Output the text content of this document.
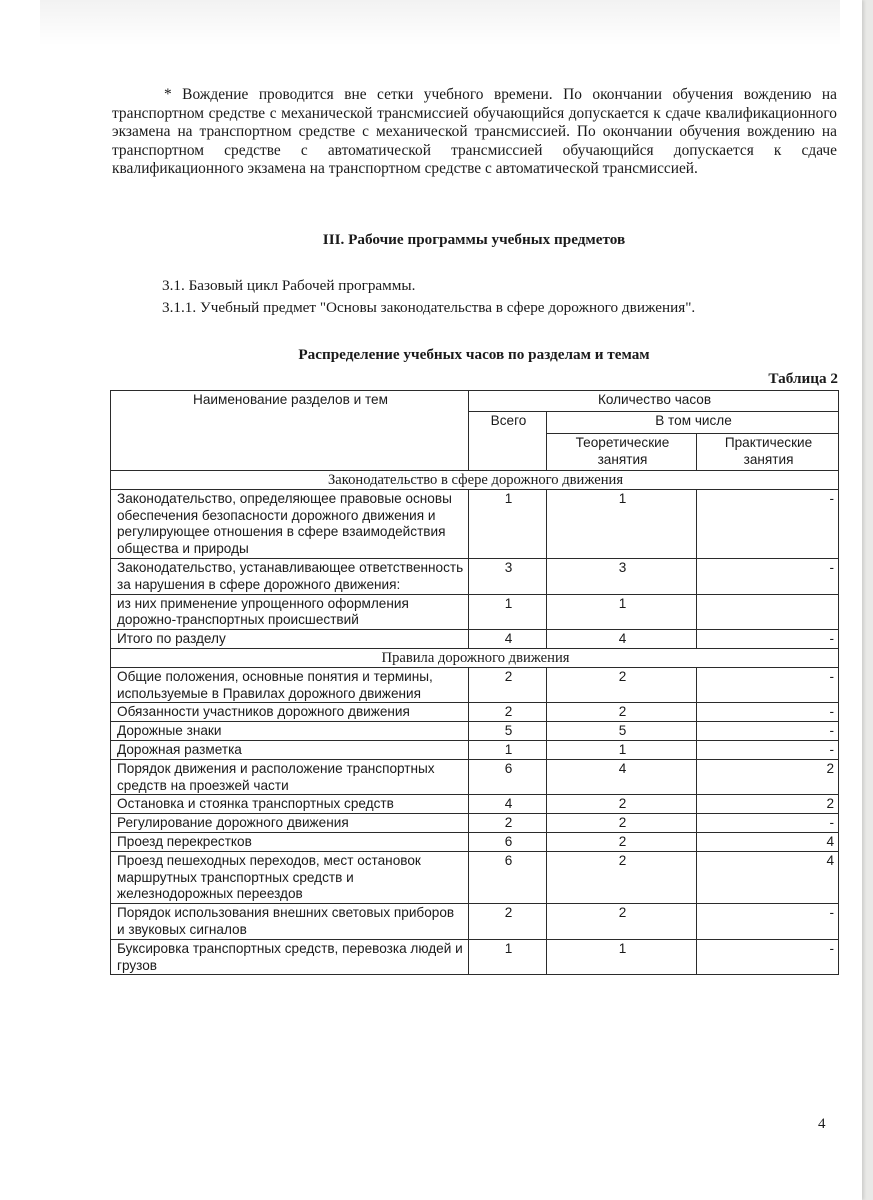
* Вождение проводится вне сетки учебного времени. По окончании обучения вождению на транспортном средстве с механической трансмиссией обучающийся допускается к сдаче квалификационного экзамена на транспортном средстве с механической трансмиссией. По окончании обучения вождению на транспортном средстве с автоматической трансмиссией обучающийся допускается к сдаче квалификационного экзамена на транспортном средстве с автоматической трансмиссией.

III. Рабочие программы учебных предметов

3.1. Базовый цикл Рабочей программы.

3.1.1. Учебный предмет "Основы законодательства в сфере дорожного движения".

Распределение учебных часов по разделам и темам
Таблица 2
Наименование разделов и тем	Количество часов		
	Всего	В том числе	
		Теоретические занятия	Практические занятия
Законодательство в сфере дорожного движения			
Законодательство, определяющее правовые основы обеспечения безопасности дорожного движения и регулирующее отношения в сфере взаимодействия общества и природы	1	1	-
Законодательство, устанавливающее ответственность за нарушения в сфере дорожного движения:	3	3	-
из них применение упрощенного оформления дорожно-транспортных происшествий	1	1	
Итого по разделу	4	4	-
Правила дорожного движения			
Общие положения, основные понятия и термины, используемые в Правилах дорожного движения	2	2	-
Обязанности участников дорожного движения	2	2	-
Дорожные знаки	5	5	-
Дорожная разметка	1	1	-
Порядок движения и расположение транспортных средств на проезжей части	6	4	2
Остановка и стоянка транспортных средств	4	2	2
Регулирование дорожного движения	2	2	-
Проезд перекрестков	6	2	4
Проезд пешеходных переходов, мест остановок маршрутных транспортных средств и железнодорожных переездов	6	2	4
Порядок использования внешних световых приборов и звуковых сигналов	2	2	-
Буксировка транспортных средств, перевозка людей и грузов	1	1	-
4
